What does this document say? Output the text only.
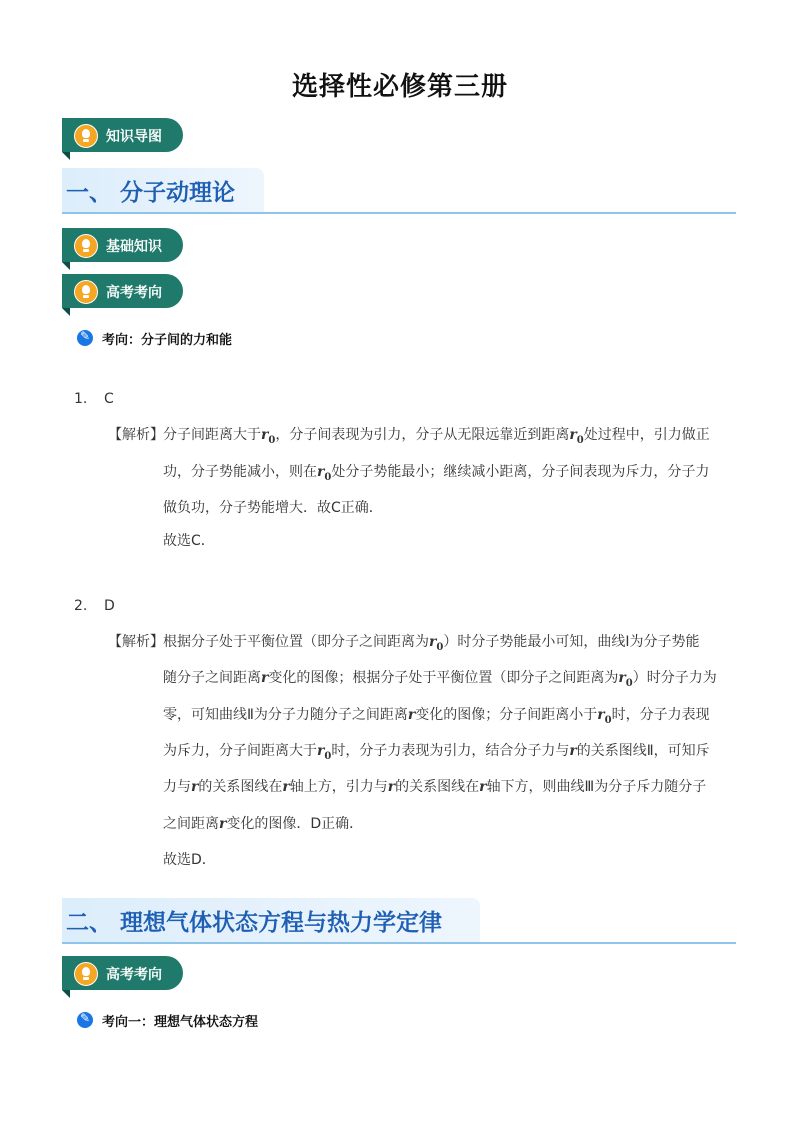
选择性必修第三册
知识导图
一、 分子动理论
基础知识
高考考向
✎
考向：分子间的力和能
1. C
【解析】 分子间距离大于$r_0$，分子间表现为引力，分子从无限远靠近到距离$r_0$处过程中，引力做正
功，分子势能减小，则在$r_0$处分子势能最小；继续减小距离，分子间表现为斥力，分子力
做负功，分子势能增大．故C正确．
故选C．
2. D
【解析】 根据分子处于平衡位置（即分子之间距离为$r_0$）时分子势能最小可知，曲线Ⅰ为分子势能
随分子之间距离r变化的图像；根据分子处于平衡位置（即分子之间距离为$r_0$）时分子力为
零，可知曲线Ⅱ为分子力随分子之间距离r变化的图像；分子间距离小于$r_0$时，分子力表现
为斥力，分子间距离大于$r_0$时，分子力表现为引力，结合分子力与r的关系图线Ⅱ，可知斥
力与r的关系图线在r轴上方，引力与r的关系图线在r轴下方，则曲线Ⅲ为分子斥力随分子
之间距离r变化的图像．D正确．
故选D．
二、 理想气体状态方程与热力学定律
高考考向
✎
考向一：理想气体状态方程
